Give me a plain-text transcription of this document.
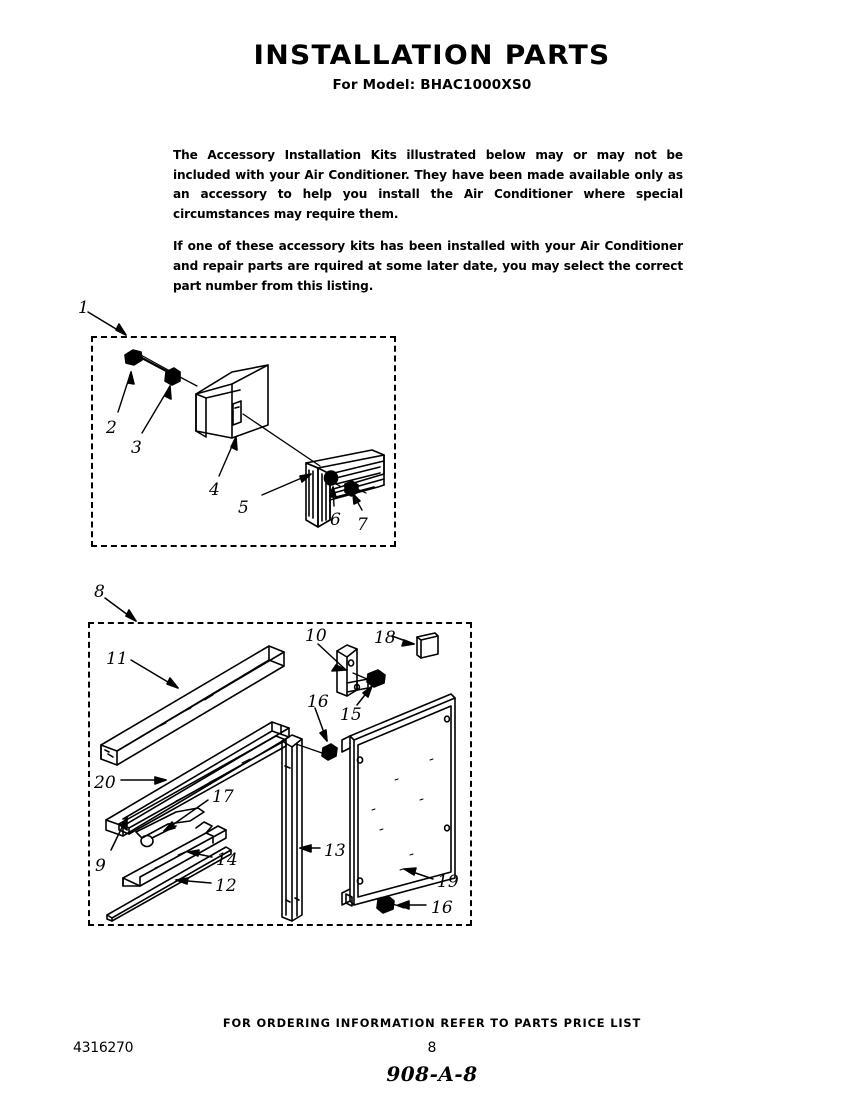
INSTALLATION PARTS
For Model: BHAC1000XS0

The Accessory Installation Kits illustrated below may or may not be included with your Air Conditioner. They have been made available only as an accessory to help you install the Air Conditioner where special circumstances may require them.

If one of these accessory kits has been installed with your Air Conditioner and repair parts are rquired at some later date, you may select the correct part number from this listing.

1
2
3
4
5
6 7
8
11
10	18
16
15
20
17
9	14
12
13
19
16
FOR ORDERING INFORMATION REFER TO PARTS PRICE LIST
4316270	8
908-A-8
